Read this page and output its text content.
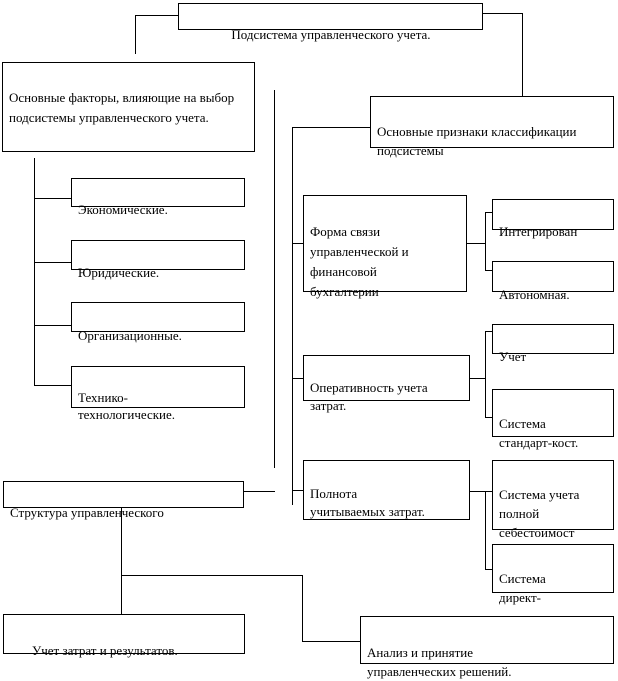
Подсистема управленческого учета.

Основные факторы, влияющие на выбор подсистемы управленческого учета.

Экономические.

Юридические.

Организационные.

Технико-
технологические.

Основные признаки классификации подсистемы

Форма связи
управленческой и
финансовой
бухгалтерии

Интегрирован

Автономная.

Оперативность учета
затрат.

Учет

Система
стандарт-кост.

Полнота
учитываемых затрат.

Система учета
полной
себестоимост

Система
директ-

Структура управленческого

Учет затрат и результатов.	Анализ и принятие
управленческих решений.
